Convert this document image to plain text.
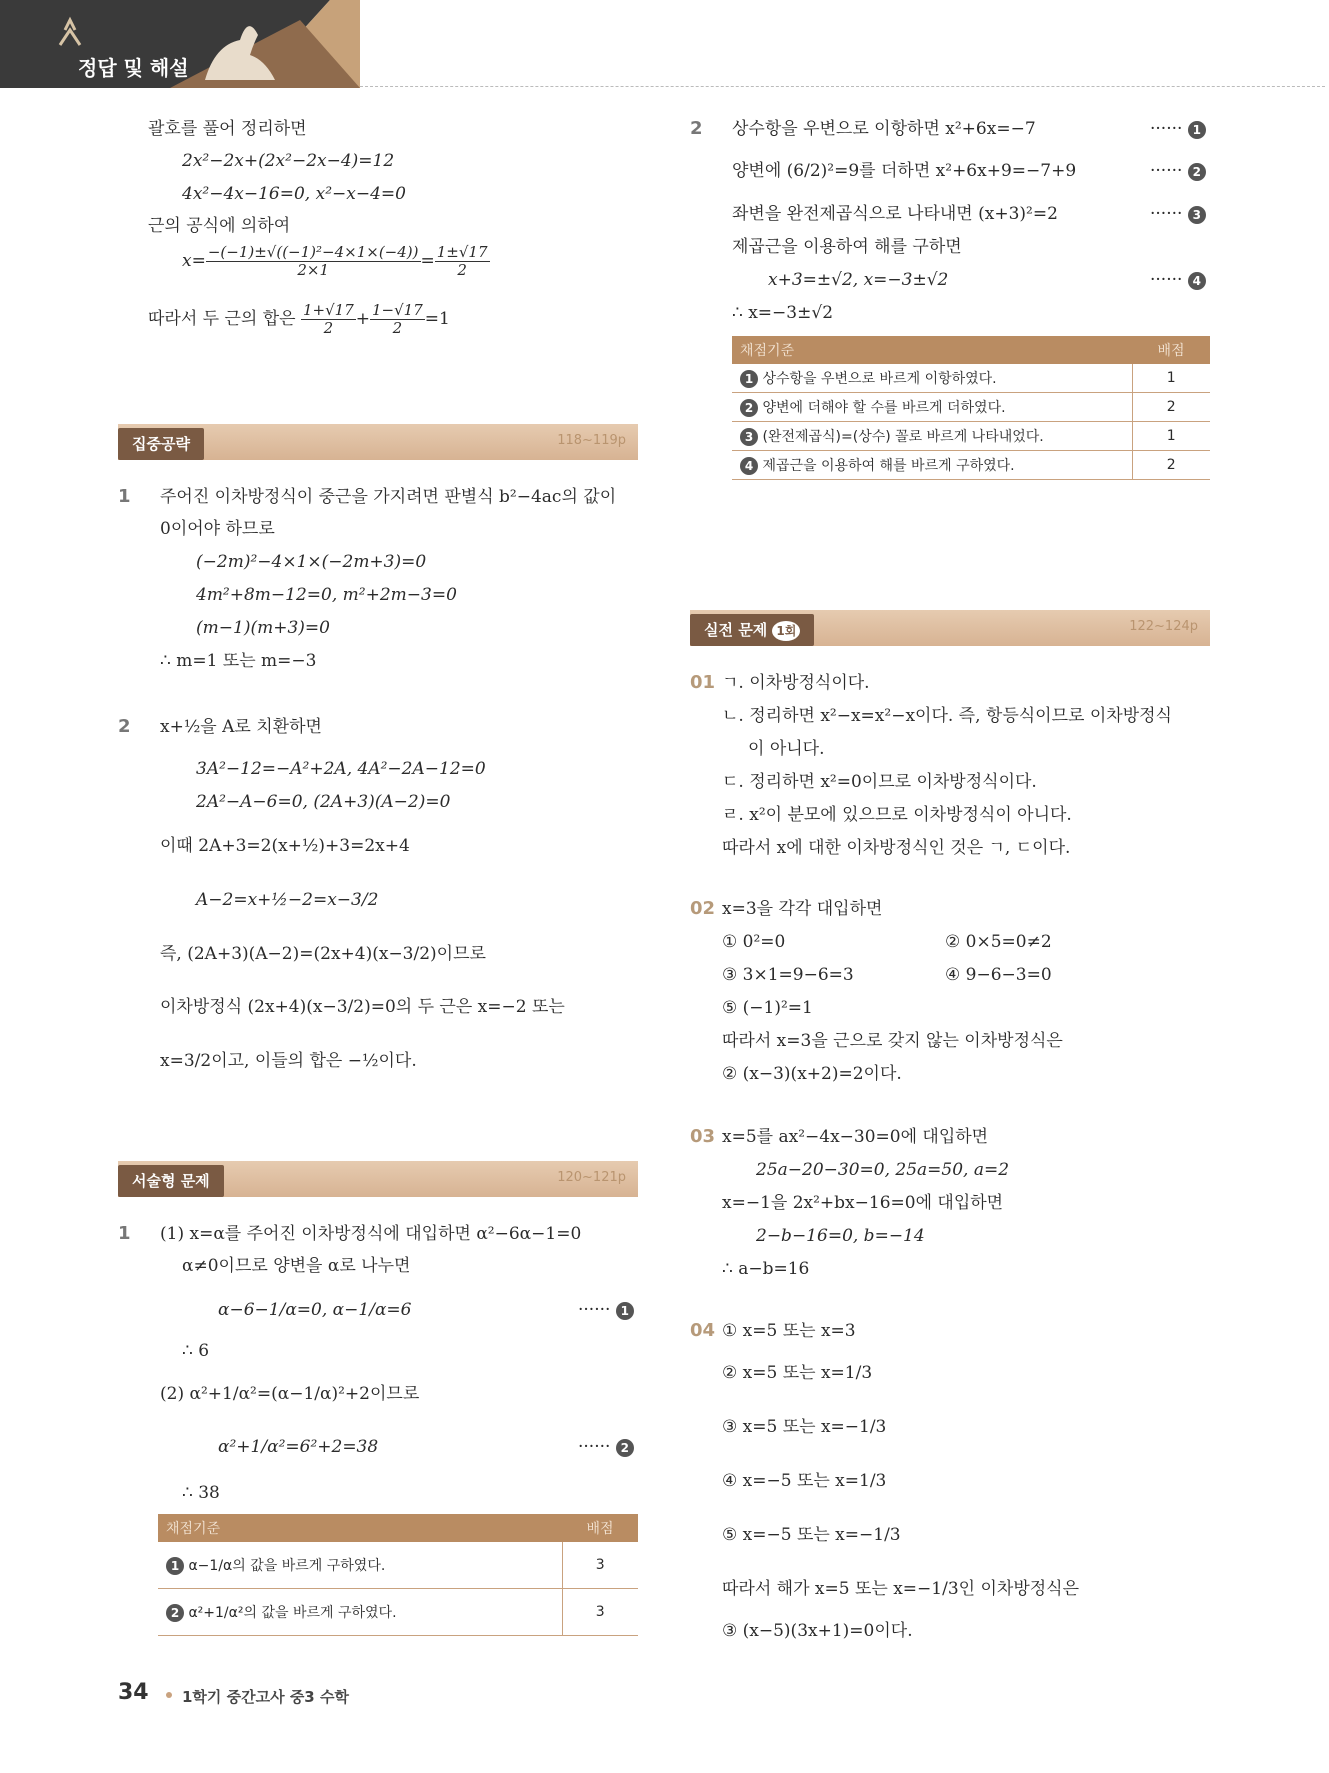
정답 및 해설
괄호를 풀어 정리하면
2x²−2x+(2x²−2x−4)=12
4x²−4x−16=0, x²−x−4=0
근의 공식에 의하여
$x= \frac{\text{−(−1)±√((−1)²−4×1×(−4))}}{2\times 1} = \frac{1\pm√17}{2}$
따라서 두 근의 합은 $\frac{1+√17}{2} + \frac{1-√17}{2} =1$
집중공략	118~119p
1 주어진 이차방정식이 중근을 가지려면 판별식 b²−4ac의 값이
0이어야 하므로
(−2m)²−4×1×(−2m+3)=0
4m²+8m−12=0, m²+2m−3=0
(m−1)(m+3)=0
∴ m=1 또는 m=−3
2 x+½을 A로 치환하면
3A²−12=−A²+2A, 4A²−2A−12=0
2A²−A−6=0, (2A+3)(A−2)=0
이때 2A+3=2(x+½)+3=2x+4
A−2=x+½−2=x−3/2
즉, (2A+3)(A−2)=(2x+4)(x−3/2)이므로
이차방정식 (2x+4)(x−3/2)=0의 두 근은 x=−2 또는
x=3/2이고, 이들의 합은 −½이다.
서술형 문제	120~121p
1 (1) x=α를 주어진 이차방정식에 대입하면 α²−6α−1=0
α≠0이므로 양변을 α로 나누면
α−6−1/α=0, α−1/α=6	······ 1
∴ 6
(2) α²+1/α²=(α−1/α)²+2이므로
α²+1/α²=6²+2=38	······ 2
∴ 38
채점기준	배점
1 α−1/α의 값을 바르게 구하였다.	3
2 α²+1/α²의 값을 바르게 구하였다.	3
2 상수항을 우변으로 이항하면 x²+6x=−7	······ 1
양변에 (6/2)²=9를 더하면 x²+6x+9=−7+9	······ 2
좌변을 완전제곱식으로 나타내면 (x+3)²=2	······ 3
제곱근을 이용하여 해를 구하면
x+3=±√2, x=−3±√2	······ 4
∴ x=−3±√2
채점기준	배점
1 상수항을 우변으로 바르게 이항하였다.	1
2 양변에 더해야 할 수를 바르게 더하였다.	2
3 (완전제곱식)=(상수) 꼴로 바르게 나타내었다.	1
4 제곱근을 이용하여 해를 바르게 구하였다.	2
실전 문제 1회	122~124p
01 ㄱ. 이차방정식이다.
ㄴ. 정리하면 x²−x=x²−x이다. 즉, 항등식이므로 이차방정식
이 아니다.
ㄷ. 정리하면 x²=0이므로 이차방정식이다.
ㄹ. x²이 분모에 있으므로 이차방정식이 아니다.
따라서 x에 대한 이차방정식인 것은 ㄱ, ㄷ이다.
02 x=3을 각각 대입하면
① 0²=0	② 0×5=0≠2
③ 3×1=9−6=3	④ 9−6−3=0
⑤ (−1)²=1
따라서 x=3을 근으로 갖지 않는 이차방정식은
② (x−3)(x+2)=2이다.
03 x=5를 ax²−4x−30=0에 대입하면
25a−20−30=0, 25a=50, a=2
x=−1을 2x²+bx−16=0에 대입하면
2−b−16=0, b=−14
∴ a−b=16
04 ① x=5 또는 x=3
② x=5 또는 x=1/3
③ x=5 또는 x=−1/3
④ x=−5 또는 x=1/3
⑤ x=−5 또는 x=−1/3
따라서 해가 x=5 또는 x=−1/3인 이차방정식은
③ (x−5)(3x+1)=0이다.
34 1학기 중간고사 중3 수학
